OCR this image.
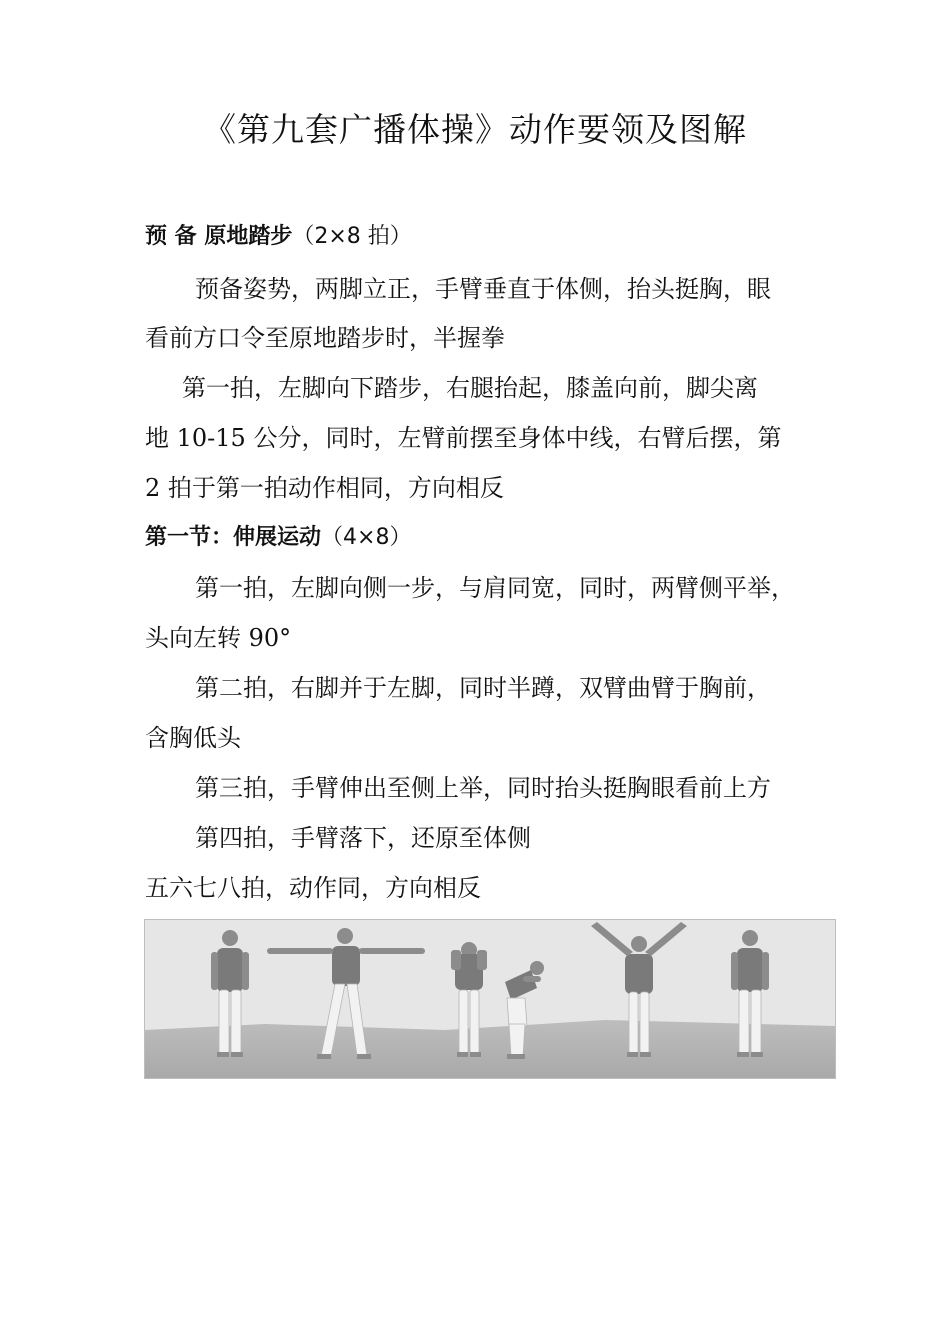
《第九套广播体操》动作要领及图解
预 备 原地踏步（2×8 拍）
预备姿势，两脚立正，手臂垂直于体侧，抬头挺胸，眼
看前方口令至原地踏步时，半握拳
第一拍，左脚向下踏步，右腿抬起，膝盖向前，脚尖离
地 10-15 公分，同时，左臂前摆至身体中线，右臂后摆，第
2 拍于第一拍动作相同，方向相反
第一节：伸展运动（4×8）
第一拍，左脚向侧一步，与肩同宽，同时，两臂侧平举，
头向左转 90°
第二拍，右脚并于左脚，同时半蹲，双臂曲臂于胸前，
含胸低头
第三拍，手臂伸出至侧上举，同时抬头挺胸眼看前上方
第四拍，手臂落下，还原至体侧
五六七八拍，动作同，方向相反
